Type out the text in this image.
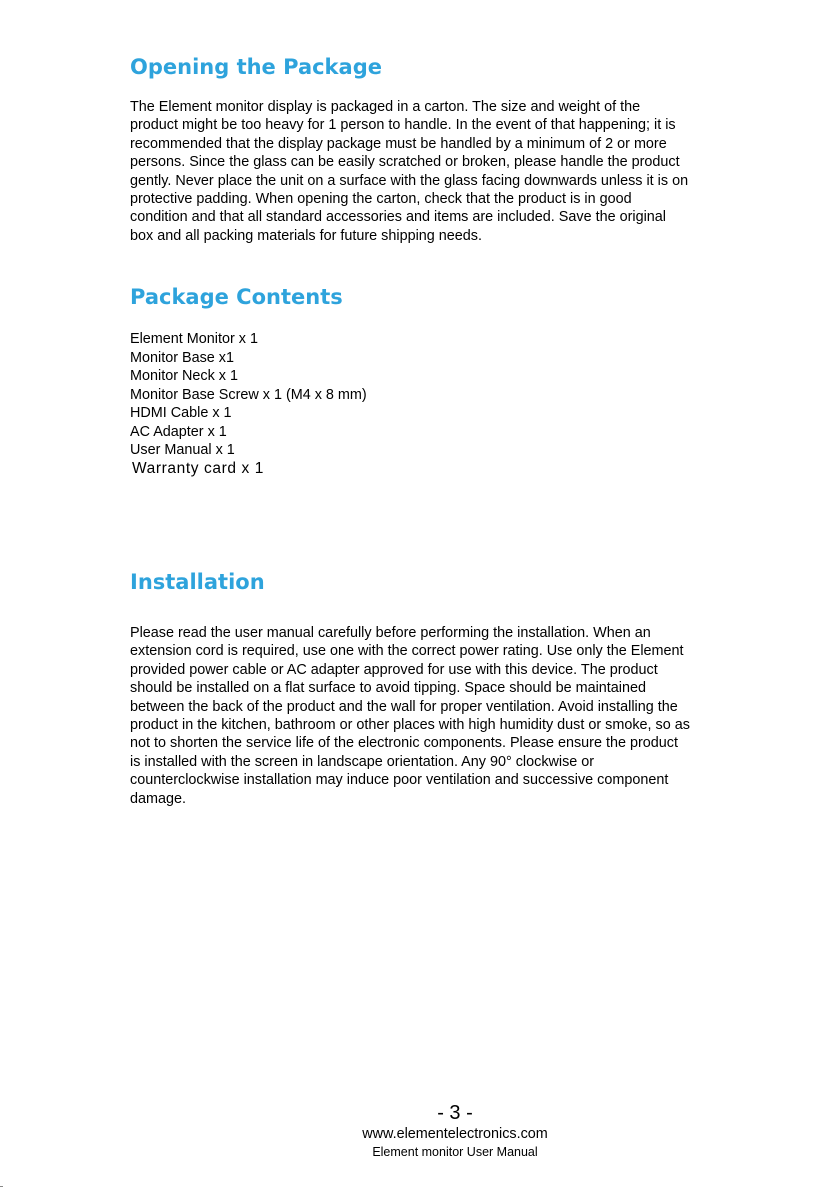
Opening the Package
The Element monitor display is packaged in a carton. The size and weight of the
product might be too heavy for 1 person to handle. In the event of that happening; it is
recommended that the display package must be handled by a minimum of 2 or more
persons. Since the glass can be easily scratched or broken, please handle the product
gently. Never place the unit on a surface with the glass facing downwards unless it is on
protective padding. When opening the carton, check that the product is in good
condition and that all standard accessories and items are included. Save the original
box and all packing materials for future shipping needs.
Package Contents
Element Monitor x 1
Monitor Base x1
Monitor Neck x 1
Monitor Base Screw x 1 (M4 x 8 mm)
HDMI Cable x 1
AC Adapter x 1
User Manual x 1
Warranty card x 1
Installation
Please read the user manual carefully before performing the installation. When an
extension cord is required, use one with the correct power rating. Use only the Element
provided power cable or AC adapter approved for use with this device. The product
should be installed on a flat surface to avoid tipping. Space should be maintained
between the back of the product and the wall for proper ventilation. Avoid installing the
product in the kitchen, bathroom or other places with high humidity dust or smoke, so as
not to shorten the service life of the electronic components. Please ensure the product
is installed with the screen in landscape orientation. Any 90° clockwise or
counterclockwise installation may induce poor ventilation and successive component
damage.
- 3 -
www.elementelectronics.com
Element monitor User Manual
